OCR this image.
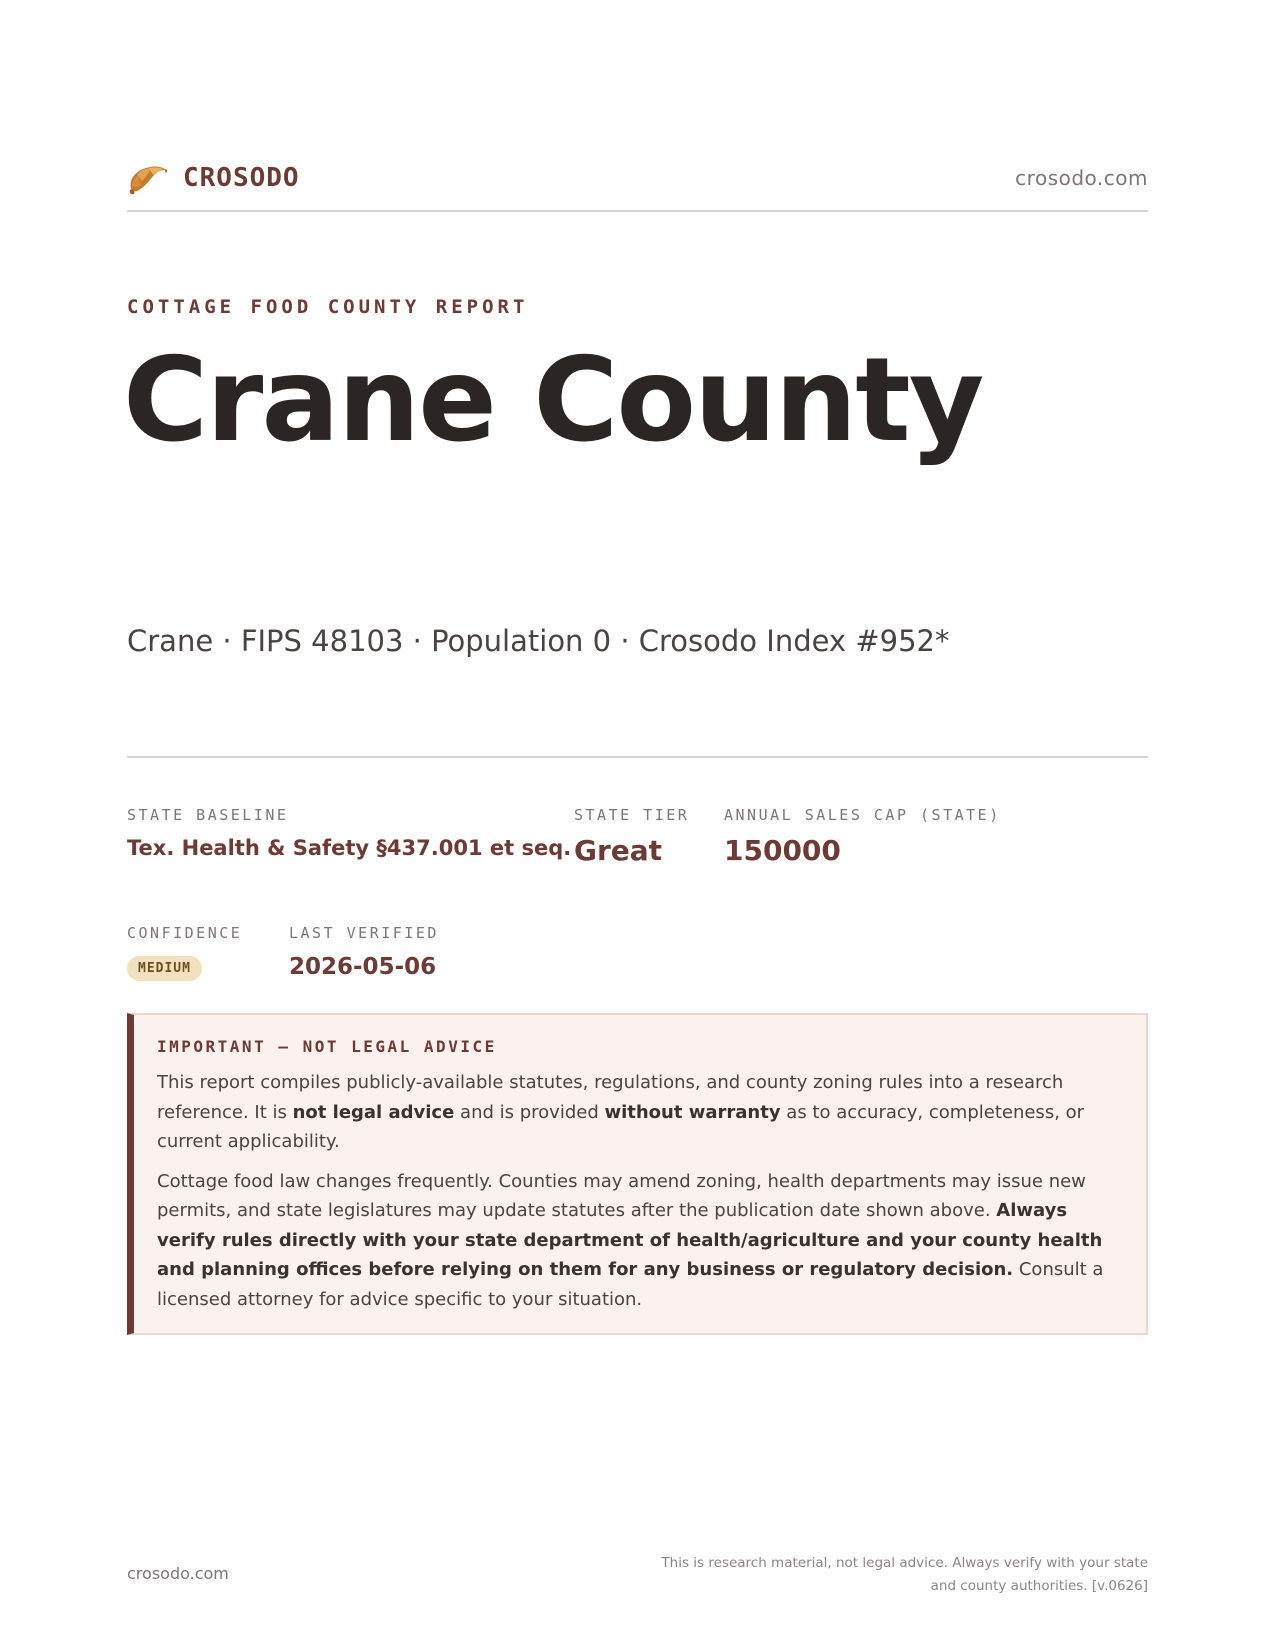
CROSODO	crosodo.com
COTTAGE FOOD COUNTY REPORT
Crane County
Crane · FIPS 48103 · Population 0 · Crosodo Index #952*
STATE BASELINE
Tex. Health & Safety §437.001 et seq.
STATE TIER
Great
ANNUAL SALES CAP (STATE)
150000
CONFIDENCE
MEDIUM
LAST VERIFIED
2026-05-06
IMPORTANT — NOT LEGAL ADVICE

This report compiles publicly-available statutes, regulations, and county zoning rules into a research reference. It is not legal advice and is provided without warranty as to accuracy, completeness, or current applicability.

Cottage food law changes frequently. Counties may amend zoning, health departments may issue new permits, and state legislatures may update statutes after the publication date shown above. Always verify rules directly with your state department of health/agriculture and your county health and planning offices before relying on them for any business or regulatory decision. Consult a licensed attorney for advice specific to your situation.

crosodo.com
This is research material, not legal advice. Always verify with your state
and county authorities. [v.0626]
